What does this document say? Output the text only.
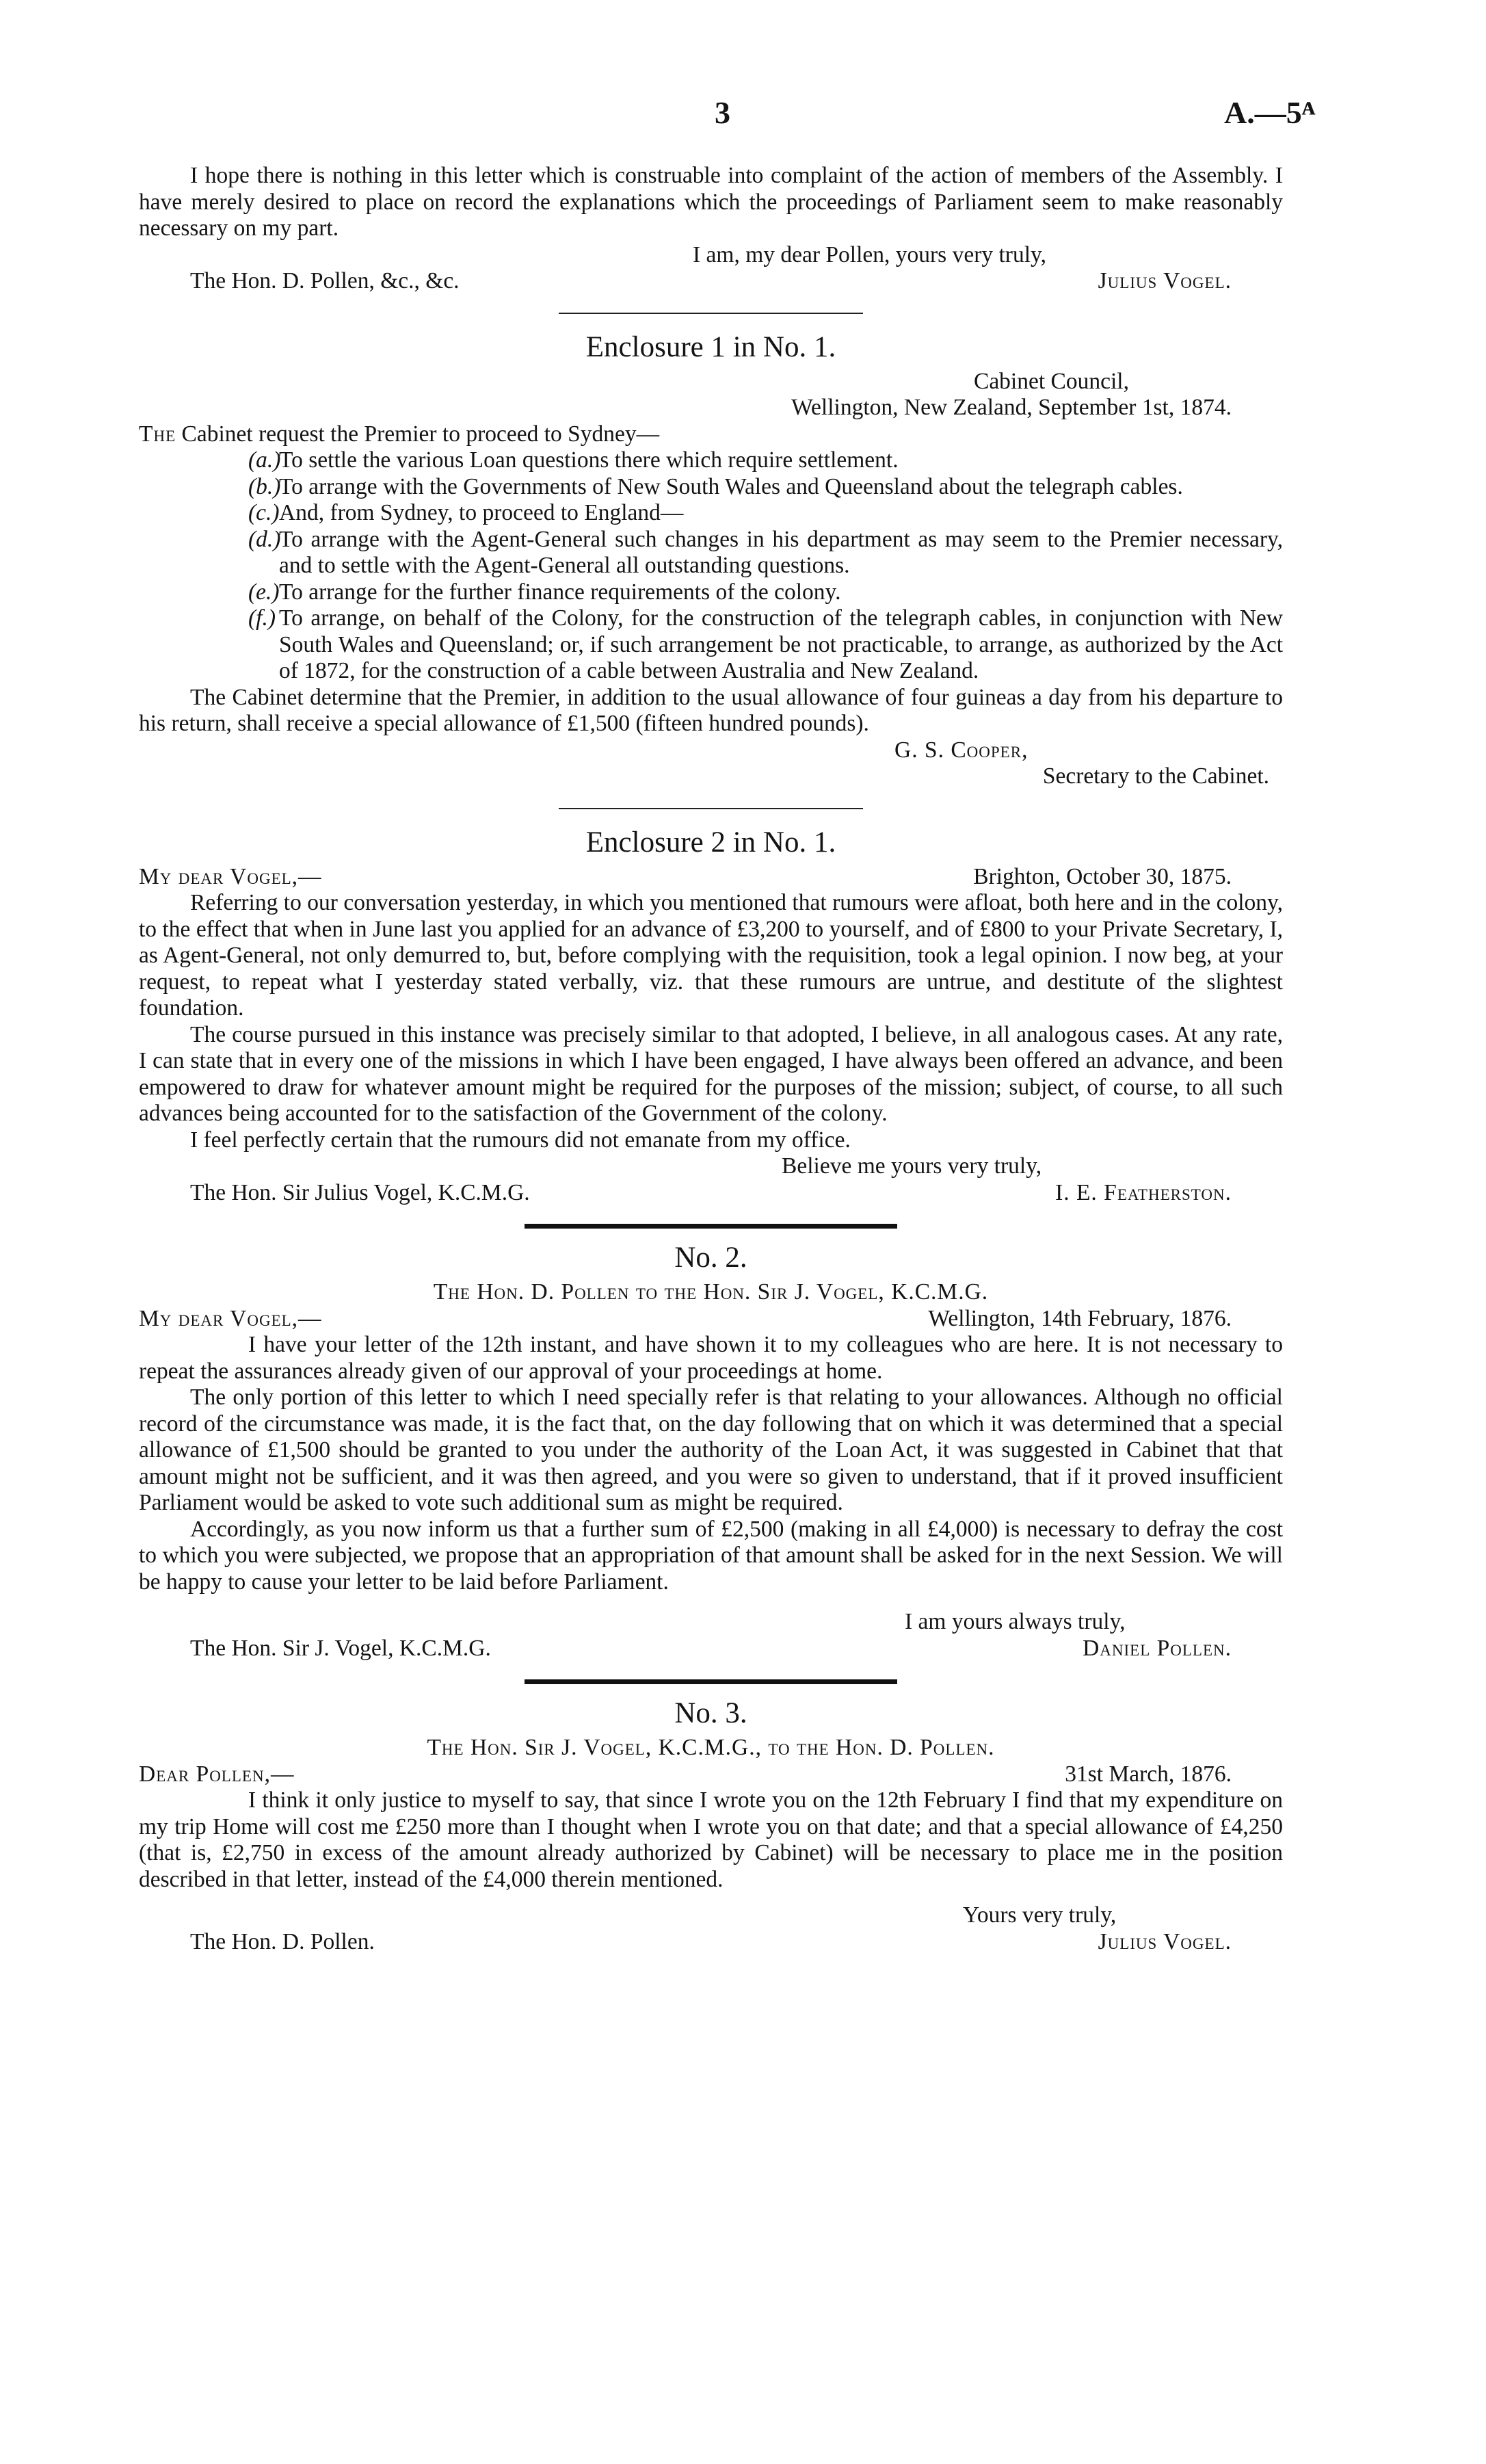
3	A.—5ᴬ

I hope there is nothing in this letter which is construable into complaint of the action of members of the Assembly. I have merely desired to place on record the explanations which the proceedings of Parliament seem to make reasonably necessary on my part.

I am, my dear Pollen, yours very truly,

The Hon. D. Pollen, &c., &c.	Julius Vogel.
Enclosure 1 in No. 1.

Cabinet Council,

Wellington, New Zealand, September 1st, 1874.

The Cabinet request the Premier to proceed to Sydney—

(a.)
To settle the various Loan questions there which require settlement.
(b.)
To arrange with the Governments of New South Wales and Queensland about the telegraph cables.
(c.) And, from Sydney, to proceed to England—
(d.)
To arrange with the Agent-General such changes in his department as may seem to the Premier necessary, and to settle with the Agent-General all outstanding questions.
(e.) To arrange for the further finance requirements of the colony.
(f.) To arrange, on behalf of the Colony, for the construction of the telegraph cables, in conjunction with New South Wales and Queensland; or, if such arrangement be not practicable, to arrange, as authorized by the Act of 1872, for the construction of a cable between Australia and New Zealand.

The Cabinet determine that the Premier, in addition to the usual allowance of four guineas a day from his departure to his return, shall receive a special allowance of £1,500 (fifteen hundred pounds).

G. S. Cooper,

Secretary to the Cabinet.

Enclosure 2 in No. 1.
My dear Vogel,—	Brighton, October 30, 1875.

Referring to our conversation yesterday, in which you mentioned that rumours were afloat, both here and in the colony, to the effect that when in June last you applied for an advance of £3,200 to yourself, and of £800 to your Private Secretary, I, as Agent-General, not only demurred to, but, before complying with the requisition, took a legal opinion. I now beg, at your request, to repeat what I yesterday stated verbally, viz. that these rumours are untrue, and destitute of the slightest foundation.

The course pursued in this instance was precisely similar to that adopted, I believe, in all analogous cases. At any rate, I can state that in every one of the missions in which I have been engaged, I have always been offered an advance, and been empowered to draw for whatever amount might be required for the purposes of the mission; subject, of course, to all such advances being accounted for to the satisfaction of the Government of the colony.

I feel perfectly certain that the rumours did not emanate from my office.

Believe me yours very truly,

The Hon. Sir Julius Vogel, K.C.M.G.	I. E. Featherston.
No. 2.

The Hon. D. Pollen to the Hon. Sir J. Vogel, K.C.M.G.

My dear Vogel,—	Wellington, 14th February, 1876.

I have your letter of the 12th instant, and have shown it to my colleagues who are here. It is not necessary to repeat the assurances already given of our approval of your proceedings at home.

The only portion of this letter to which I need specially refer is that relating to your allowances. Although no official record of the circumstance was made, it is the fact that, on the day following that on which it was determined that a special allowance of £1,500 should be granted to you under the authority of the Loan Act, it was suggested in Cabinet that that amount might not be sufficient, and it was then agreed, and you were so given to understand, that if it proved insufficient Parliament would be asked to vote such additional sum as might be required.

Accordingly, as you now inform us that a further sum of £2,500 (making in all £4,000) is necessary to defray the cost to which you were subjected, we propose that an appropriation of that amount shall be asked for in the next Session. We will be happy to cause your letter to be laid before Parliament.

I am yours always truly,

The Hon. Sir J. Vogel, K.C.M.G.	Daniel Pollen.
No. 3.

The Hon. Sir J. Vogel, K.C.M.G., to the Hon. D. Pollen.

Dear Pollen,—	31st March, 1876.

I think it only justice to myself to say, that since I wrote you on the 12th February I find that my expenditure on my trip Home will cost me £250 more than I thought when I wrote you on that date; and that a special allowance of £4,250 (that is, £2,750 in excess of the amount already authorized by Cabinet) will be necessary to place me in the position described in that letter, instead of the £4,000 therein mentioned.

Yours very truly,

The Hon. D. Pollen.	Julius Vogel.
